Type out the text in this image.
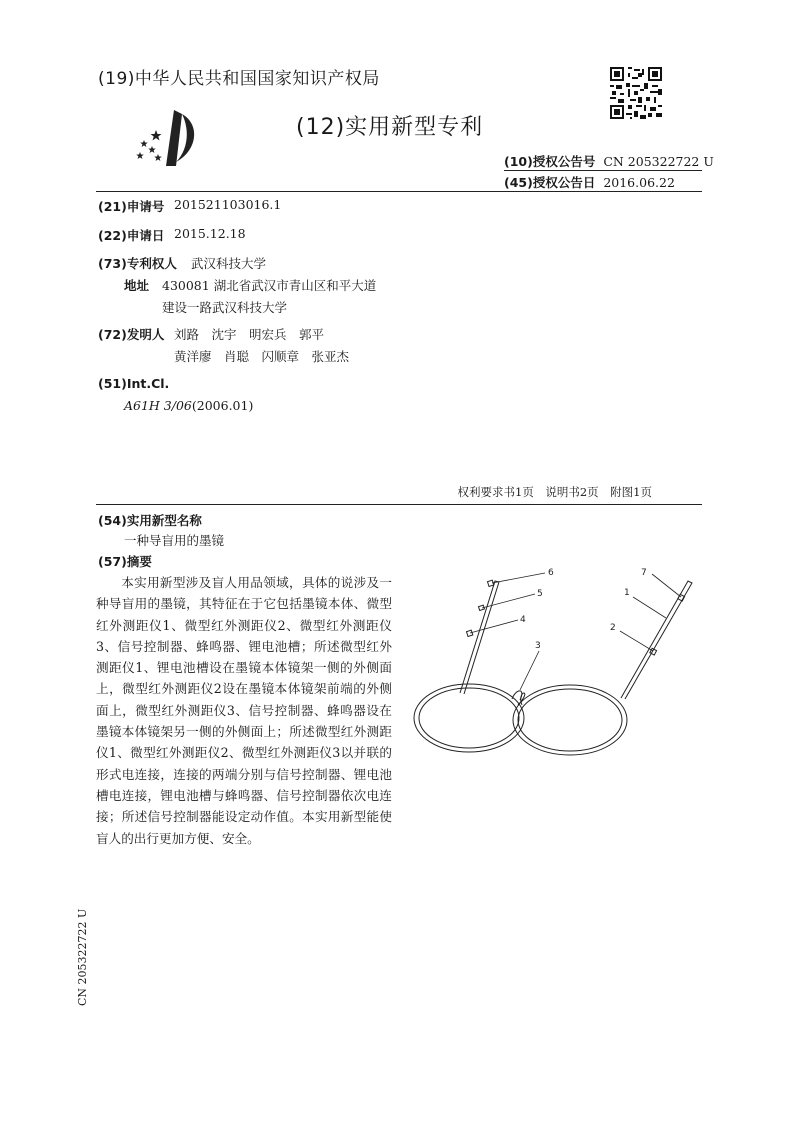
(19)中华人民共和国国家知识产权局
(12)实用新型专利
(10)授权公告号 CN 205322722 U
(45)授权公告日 2016.06.22
(21)申请号 201521103016.1
(22)申请日 2015.12.18
(73)专利权人 武汉科技大学
地址 430081 湖北省武汉市青山区和平大道
建设一路武汉科技大学
(72)发明人 刘路　沈宇　明宏兵　郭平
黄洋廖　肖聪　闪顺章　张亚杰
(51)Int.Cl.
A61H 3/06(2006.01)
权利要求书1页　说明书2页　附图1页
(54)实用新型名称
一种导盲用的墨镜
(57)摘要
本实用新型涉及盲人用品领域，具体的说涉及一种导盲用的墨镜，其特征在于它包括墨镜本体、微型红外测距仪1、微型红外测距仪2、微型红外测距仪3、信号控制器、蜂鸣器、锂电池槽；所述微型红外测距仪1、锂电池槽设在墨镜本体镜架一侧的外侧面上，微型红外测距仪2设在墨镜本体镜架前端的外侧面上，微型红外测距仪3、信号控制器、蜂鸣器设在墨镜本体镜架另一侧的外侧面上；所述微型红外测距仪1、微型红外测距仪2、微型红外测距仪3以并联的形式电连接，连接的两端分别与信号控制器、锂电池槽电连接，锂电池槽与蜂鸣器、信号控制器依次电连接；所述信号控制器能设定动作值。本实用新型能使盲人的出行更加方便、安全。
6
5
4
3
7
1
2
CN 205322722 U
